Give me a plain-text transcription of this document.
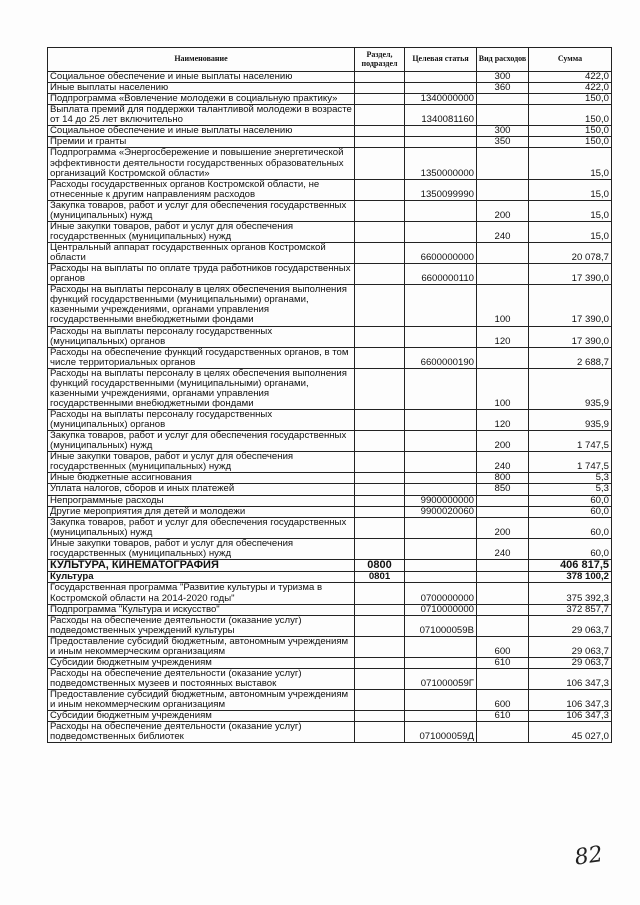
Наименование	Раздел, подраздел	Целевая статья	Вид расходов	Сумма
Социальное обеспечение и иные выплаты населению			300	422,0
Иные выплаты населению			360	422,0
Подпрограмма «Вовлечение молодежи в социальную практику»		1340000000		150,0
Выплата премий для поддержки талантливой молодежи в возрасте от 14 до 25 лет включительно		1340081160		150,0
Социальное обеспечение и иные выплаты населению			300	150,0
Премии и гранты			350	150,0
Подпрограмма «Энергосбережение и повышение энергетической эффективности деятельности государственных образовательных организаций Костромской области»		1350000000		15,0
Расходы государственных органов Костромской области, не отнесенные к другим направлениям расходов		1350099990		15,0
Закупка товаров, работ и услуг для обеспечения государственных (муниципальных) нужд			200	15,0
Иные закупки товаров, работ и услуг для обеспечения государственных (муниципальных) нужд			240	15,0
Центральный аппарат государственных органов Костромской области		6600000000		20 078,7
Расходы на выплаты по оплате труда работников государственных органов		6600000110		17 390,0
Расходы на выплаты персоналу в целях обеспечения выполнения функций государственными (муниципальными) органами, казенными учреждениями, органами управления государственными внебюджетными фондами			100	17 390,0
Расходы на выплаты персоналу государственных (муниципальных) органов			120	17 390,0
Расходы на обеспечение функций государственных органов, в том числе территориальных органов		6600000190		2 688,7
Расходы на выплаты персоналу в целях обеспечения выполнения функций государственными (муниципальными) органами, казенными учреждениями, органами управления государственными внебюджетными фондами			100	935,9
Расходы на выплаты персоналу государственных (муниципальных) органов			120	935,9
Закупка товаров, работ и услуг для обеспечения государственных (муниципальных) нужд			200	1 747,5
Иные закупки товаров, работ и услуг для обеспечения государственных (муниципальных) нужд			240	1 747,5
Иные бюджетные ассигнования			800	5,3
Уплата налогов, сборов и иных платежей			850	5,3
Непрограммные расходы		9900000000		60,0
Другие мероприятия для детей и молодежи		9900020060		60,0
Закупка товаров, работ и услуг для обеспечения государственных (муниципальных) нужд			200	60,0
Иные закупки товаров, работ и услуг для обеспечения государственных (муниципальных) нужд			240	60,0
КУЛЬТУРА, КИНЕМАТОГРАФИЯ	0800			406 817,5
Культура	0801			378 100,2
Государственная программа "Развитие культуры и туризма в Костромской области на 2014-2020 годы"		0700000000		375 392,3
Подпрограмма "Культура и искусство"		0710000000		372 857,7
Расходы на обеспечение деятельности (оказание услуг) подведомственных учреждений культуры		071000059В		29 063,7
Предоставление субсидий бюджетным, автономным учреждениям и иным некоммерческим организациям			600	29 063,7
Субсидии бюджетным учреждениям			610	29 063,7
Расходы на обеспечение деятельности (оказание услуг) подведомственных музеев и постоянных выставок		071000059Г		106 347,3
Предоставление субсидий бюджетным, автономным учреждениям и иным некоммерческим организациям			600	106 347,3
Субсидии бюджетным учреждениям			610	106 347,3
Расходы на обеспечение деятельности (оказание услуг) подведомственных библиотек		071000059Д		45 027,0
82
